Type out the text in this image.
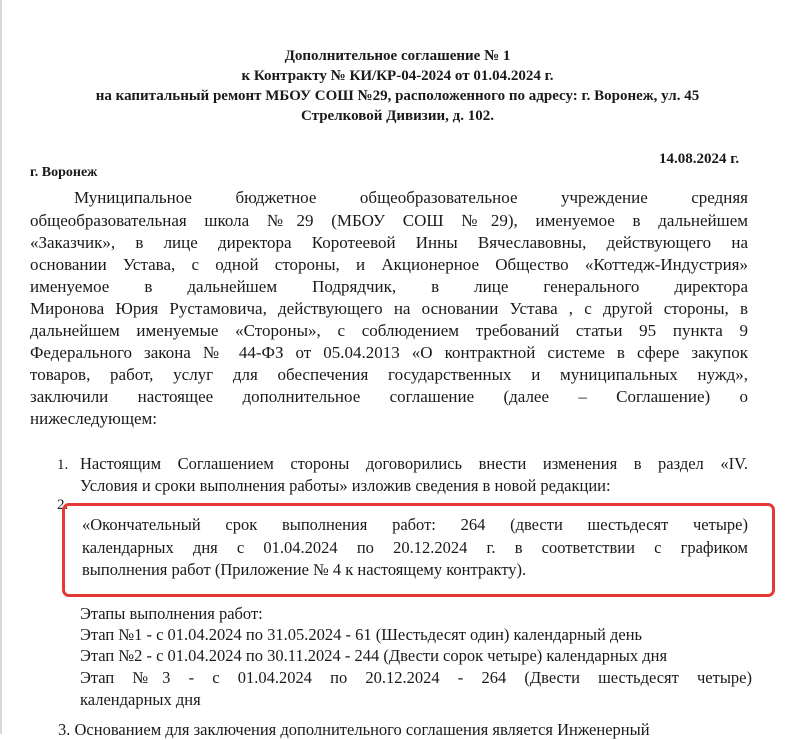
Дополнительное соглашение № 1
к Контракту № КИ/КР-04-2024 от 01.04.2024 г.
на капитальный ремонт МБОУ СОШ №29, расположенного по адресу: г. Воронеж, ул. 45
Стрелковой Дивизии, д. 102.
г. Воронеж
14.08.2024 г.
Муниципальное бюджетное общеобразовательное учреждение средняя
общеобразовательная школа №29 (МБОУ СОШ №29), именуемое в дальнейшем
«Заказчик», в лице директора Коротеевой Инны Вячеславовны, действующего на
основании Устава, с одной стороны, и Акционерное Общество «Коттедж-Индустрия»
именуемое в дальнейшем Подрядчик, в лице генерального директора
Миронова Юрия Рустамовича, действующего на основании Устава , с другой стороны, в
дальнейшем именуемые «Стороны», с соблюдением требований статьи 95 пункта 9
Федерального закона № 44-ФЗ от 05.04.2013 «О контрактной системе в сфере закупок
товаров, работ, услуг для обеспечения государственных и муниципальных нужд»,
заключили настоящее дополнительное соглашение (далее – Соглашение) о
нижеследующем:
1. Настоящим Соглашением стороны договорились внести изменения в раздел «IV.
Условия и сроки выполнения работы» изложив сведения в новой редакции:
2.
«Окончательный срок выполнения работ: 264 (двести шестьдесят четыре)
календарных дня с 01.04.2024 по 20.12.2024 г. в соответствии с графиком
выполнения работ (Приложение № 4 к настоящему контракту).
Этапы выполнения работ:
Этап №1 - с 01.04.2024 по 31.05.2024 - 61 (Шестьдесят один) календарный день
Этап №2 - с 01.04.2024 по 30.11.2024 - 244 (Двести сорок четыре) календарных дня
Этап №3 - с 01.04.2024 по 20.12.2024 - 264 (Двести шестьдесят четыре)
календарных дня
3. Основанием для заключения дополнительного соглашения является Инженерный
